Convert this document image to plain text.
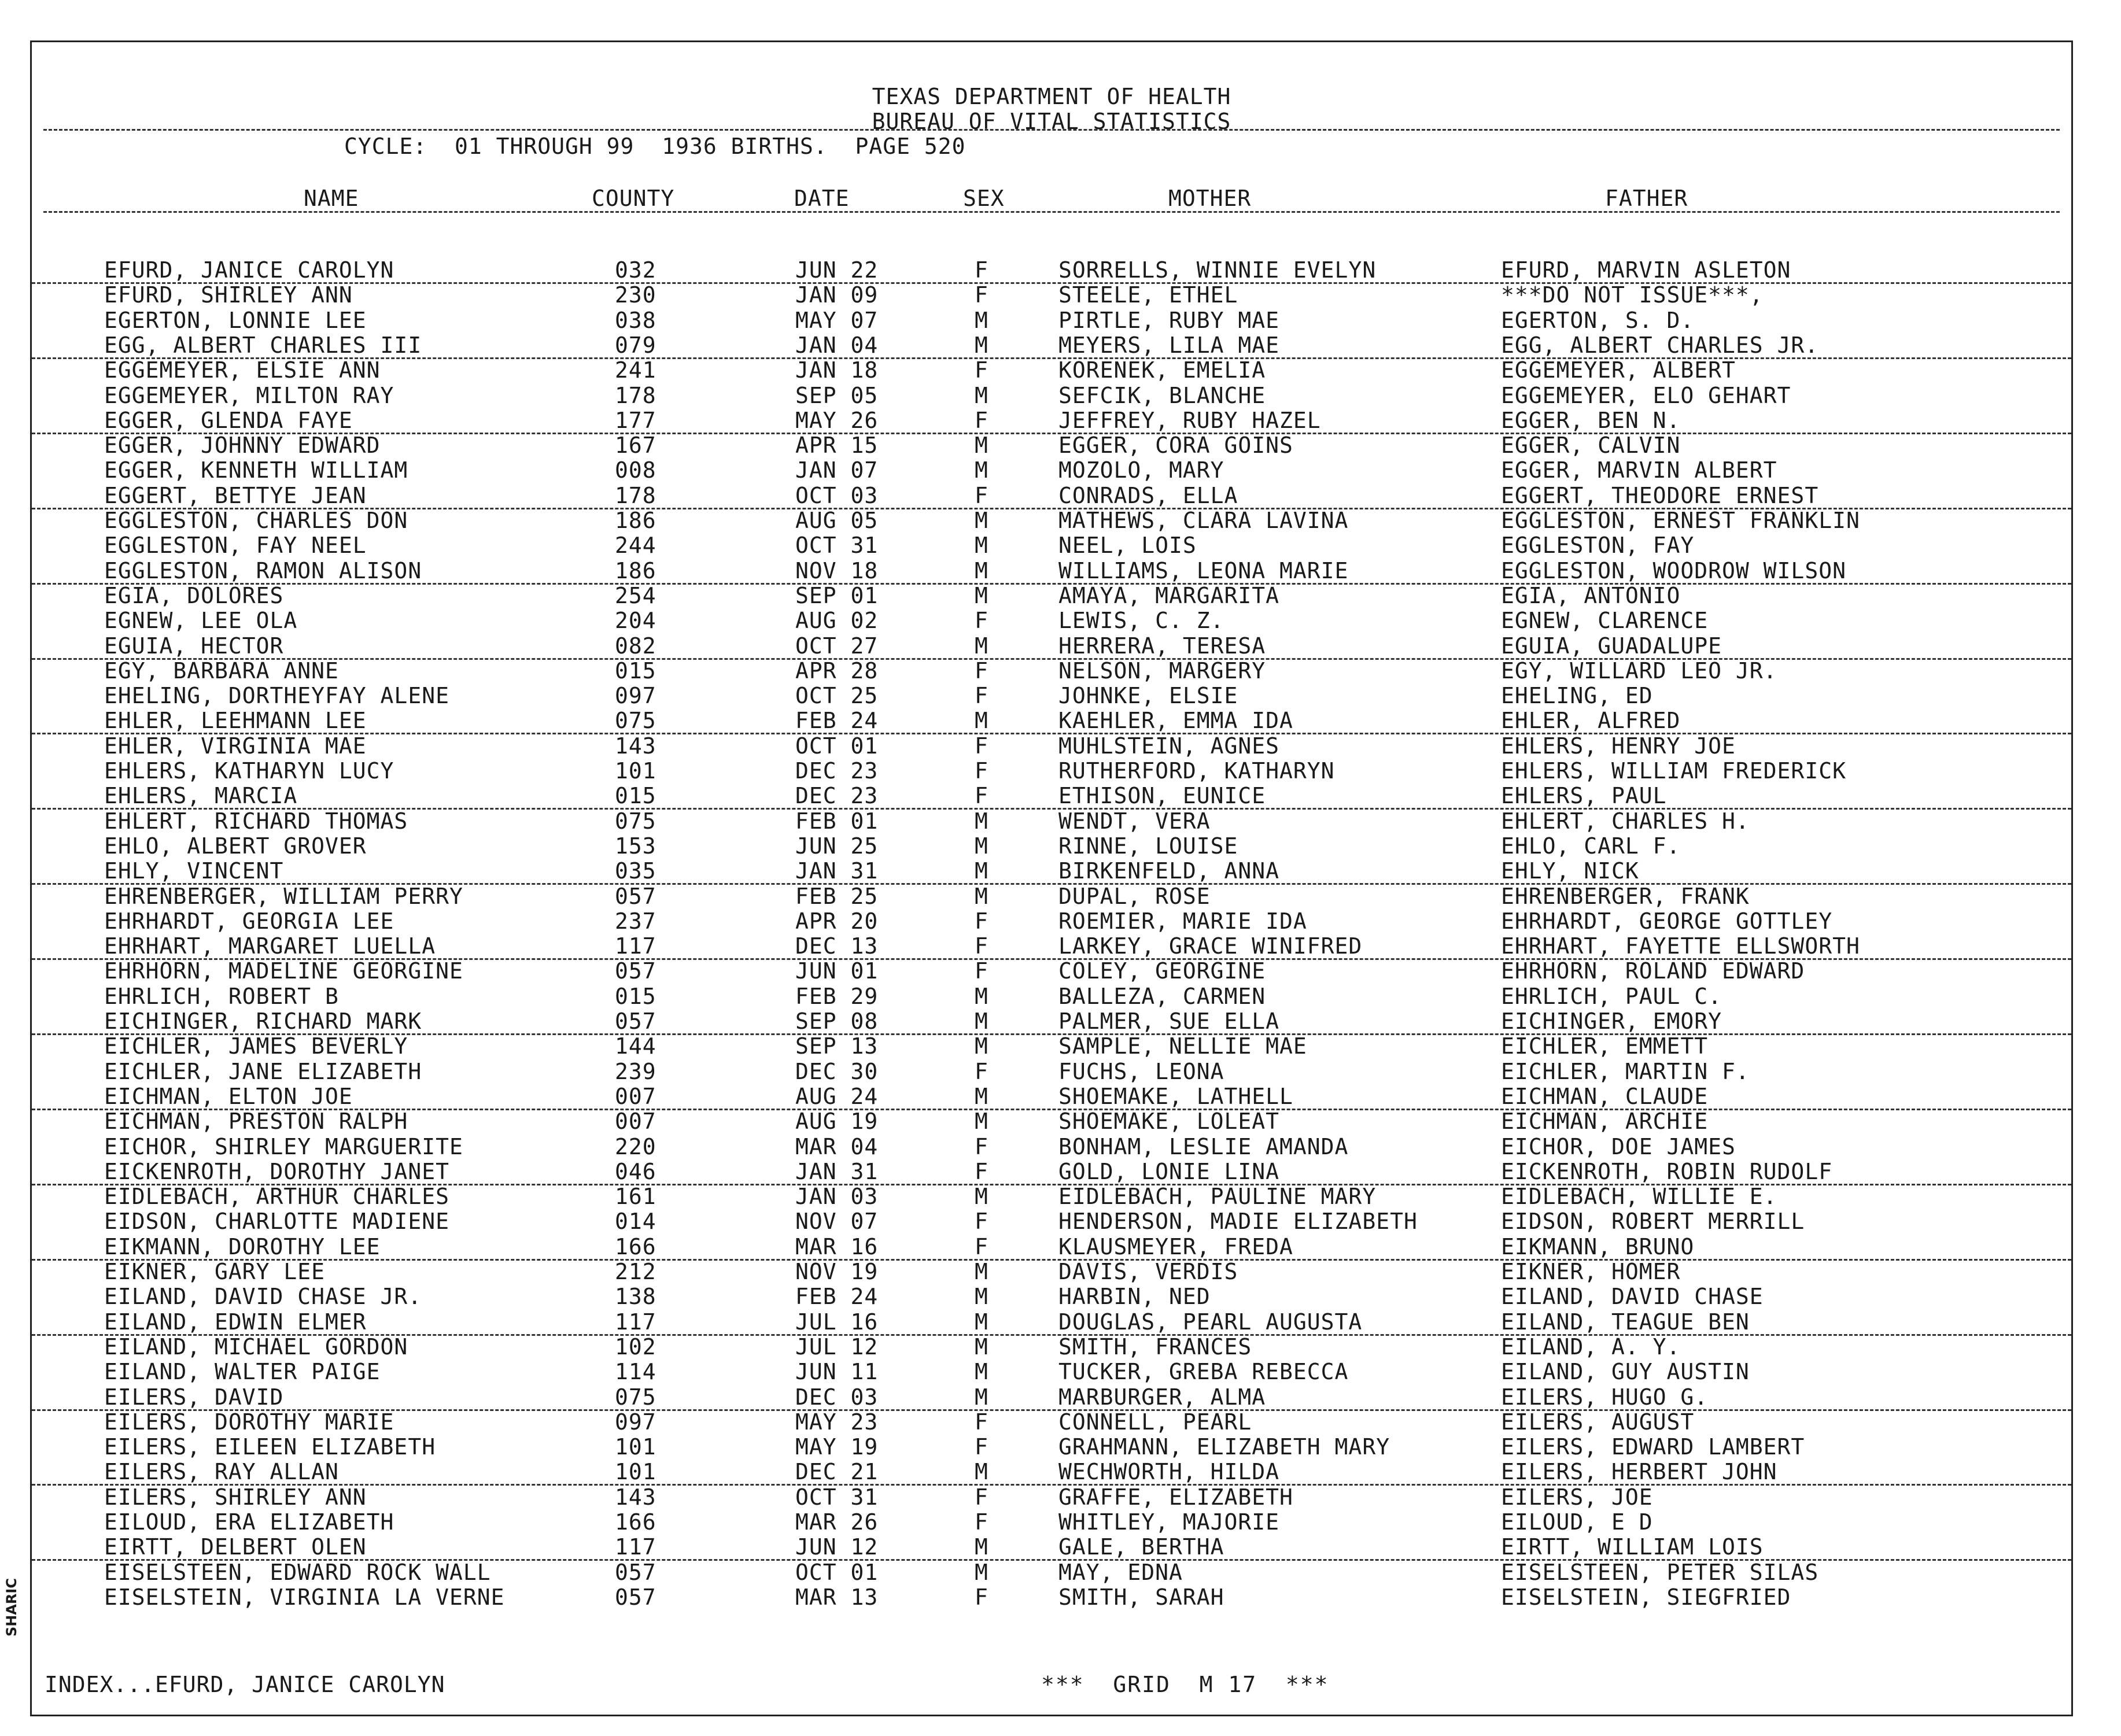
TEXAS DEPARTMENT OF HEALTH
BUREAU OF VITAL STATISTICS
CYCLE:  01 THROUGH 99  1936 BIRTHS.  PAGE 520
NAME	COUNTY	DATE	SEX	MOTHER	FATHER
EFURD, JANICE CAROLYN	032	JUN 22	F	SORRELLS, WINNIE EVELYN	EFURD, MARVIN ASLETON
EFURD, SHIRLEY ANN	230	JAN 09	F	STEELE, ETHEL	***DO NOT ISSUE***,
EGERTON, LONNIE LEE	038	MAY 07	M	PIRTLE, RUBY MAE	EGERTON, S. D.
EGG, ALBERT CHARLES III	079	JAN 04	M	MEYERS, LILA MAE	EGG, ALBERT CHARLES JR.
EGGEMEYER, ELSIE ANN	241	JAN 18	F	KORENEK, EMELIA	EGGEMEYER, ALBERT
EGGEMEYER, MILTON RAY	178	SEP 05	M	SEFCIK, BLANCHE	EGGEMEYER, ELO GEHART
EGGER, GLENDA FAYE	177	MAY 26	F	JEFFREY, RUBY HAZEL	EGGER, BEN N.
EGGER, JOHNNY EDWARD	167	APR 15	M	EGGER, CORA GOINS	EGGER, CALVIN
EGGER, KENNETH WILLIAM	008	JAN 07	M	MOZOLO, MARY	EGGER, MARVIN ALBERT
EGGERT, BETTYE JEAN	178	OCT 03	F	CONRADS, ELLA	EGGERT, THEODORE ERNEST
EGGLESTON, CHARLES DON	186	AUG 05	M	MATHEWS, CLARA LAVINA	EGGLESTON, ERNEST FRANKLIN
EGGLESTON, FAY NEEL	244	OCT 31	M	NEEL, LOIS	EGGLESTON, FAY
EGGLESTON, RAMON ALISON	186	NOV 18	M	WILLIAMS, LEONA MARIE	EGGLESTON, WOODROW WILSON
EGIA, DOLORES	254	SEP 01	M	AMAYA, MARGARITA	EGIA, ANTONIO
EGNEW, LEE OLA	204	AUG 02	F	LEWIS, C. Z.	EGNEW, CLARENCE
EGUIA, HECTOR	082	OCT 27	M	HERRERA, TERESA	EGUIA, GUADALUPE
EGY, BARBARA ANNE	015	APR 28	F	NELSON, MARGERY	EGY, WILLARD LEO JR.
EHELING, DORTHEYFAY ALENE	097	OCT 25	F	JOHNKE, ELSIE	EHELING, ED
EHLER, LEEHMANN LEE	075	FEB 24	M	KAEHLER, EMMA IDA	EHLER, ALFRED
EHLER, VIRGINIA MAE	143	OCT 01	F	MUHLSTEIN, AGNES	EHLERS, HENRY JOE
EHLERS, KATHARYN LUCY	101	DEC 23	F	RUTHERFORD, KATHARYN	EHLERS, WILLIAM FREDERICK
EHLERS, MARCIA	015	DEC 23	F	ETHISON, EUNICE	EHLERS, PAUL
EHLERT, RICHARD THOMAS	075	FEB 01	M	WENDT, VERA	EHLERT, CHARLES H.
EHLO, ALBERT GROVER	153	JUN 25	M	RINNE, LOUISE	EHLO, CARL F.
EHLY, VINCENT	035	JAN 31	M	BIRKENFELD, ANNA	EHLY, NICK
EHRENBERGER, WILLIAM PERRY	057	FEB 25	M	DUPAL, ROSE	EHRENBERGER, FRANK
EHRHARDT, GEORGIA LEE	237	APR 20	F	ROEMIER, MARIE IDA	EHRHARDT, GEORGE GOTTLEY
EHRHART, MARGARET LUELLA	117	DEC 13	F	LARKEY, GRACE WINIFRED	EHRHART, FAYETTE ELLSWORTH
EHRHORN, MADELINE GEORGINE	057	JUN 01	F	COLEY, GEORGINE	EHRHORN, ROLAND EDWARD
EHRLICH, ROBERT B	015	FEB 29	M	BALLEZA, CARMEN	EHRLICH, PAUL C.
EICHINGER, RICHARD MARK	057	SEP 08	M	PALMER, SUE ELLA	EICHINGER, EMORY
EICHLER, JAMES BEVERLY	144	SEP 13	M	SAMPLE, NELLIE MAE	EICHLER, EMMETT
EICHLER, JANE ELIZABETH	239	DEC 30	F	FUCHS, LEONA	EICHLER, MARTIN F.
EICHMAN, ELTON JOE	007	AUG 24	M	SHOEMAKE, LATHELL	EICHMAN, CLAUDE
EICHMAN, PRESTON RALPH	007	AUG 19	M	SHOEMAKE, LOLEAT	EICHMAN, ARCHIE
EICHOR, SHIRLEY MARGUERITE	220	MAR 04	F	BONHAM, LESLIE AMANDA	EICHOR, DOE JAMES
EICKENROTH, DOROTHY JANET	046	JAN 31	F	GOLD, LONIE LINA	EICKENROTH, ROBIN RUDOLF
EIDLEBACH, ARTHUR CHARLES	161	JAN 03	M	EIDLEBACH, PAULINE MARY	EIDLEBACH, WILLIE E.
EIDSON, CHARLOTTE MADIENE	014	NOV 07	F	HENDERSON, MADIE ELIZABETH	EIDSON, ROBERT MERRILL
EIKMANN, DOROTHY LEE	166	MAR 16	F	KLAUSMEYER, FREDA	EIKMANN, BRUNO
EIKNER, GARY LEE	212	NOV 19	M	DAVIS, VERDIS	EIKNER, HOMER
EILAND, DAVID CHASE JR.	138	FEB 24	M	HARBIN, NED	EILAND, DAVID CHASE
EILAND, EDWIN ELMER	117	JUL 16	M	DOUGLAS, PEARL AUGUSTA	EILAND, TEAGUE BEN
EILAND, MICHAEL GORDON	102	JUL 12	M	SMITH, FRANCES	EILAND, A. Y.
EILAND, WALTER PAIGE	114	JUN 11	M	TUCKER, GREBA REBECCA	EILAND, GUY AUSTIN
EILERS, DAVID	075	DEC 03	M	MARBURGER, ALMA	EILERS, HUGO G.
EILERS, DOROTHY MARIE	097	MAY 23	F	CONNELL, PEARL	EILERS, AUGUST
EILERS, EILEEN ELIZABETH	101	MAY 19	F	GRAHMANN, ELIZABETH MARY	EILERS, EDWARD LAMBERT
EILERS, RAY ALLAN	101	DEC 21	M	WECHWORTH, HILDA	EILERS, HERBERT JOHN
EILERS, SHIRLEY ANN	143	OCT 31	F	GRAFFE, ELIZABETH	EILERS, JOE
EILOUD, ERA ELIZABETH	166	MAR 26	F	WHITLEY, MAJORIE	EILOUD, E D
EIRTT, DELBERT OLEN	117	JUN 12	M	GALE, BERTHA	EIRTT, WILLIAM LOIS
EISELSTEEN, EDWARD ROCK WALL	057	OCT 01	M	MAY, EDNA	EISELSTEEN, PETER SILAS
EISELSTEIN, VIRGINIA LA VERNE	057	MAR 13	F	SMITH, SARAH	EISELSTEIN, SIEGFRIED
INDEX...EFURD, JANICE CAROLYN	***  GRID  M 17  ***
SHARIC
